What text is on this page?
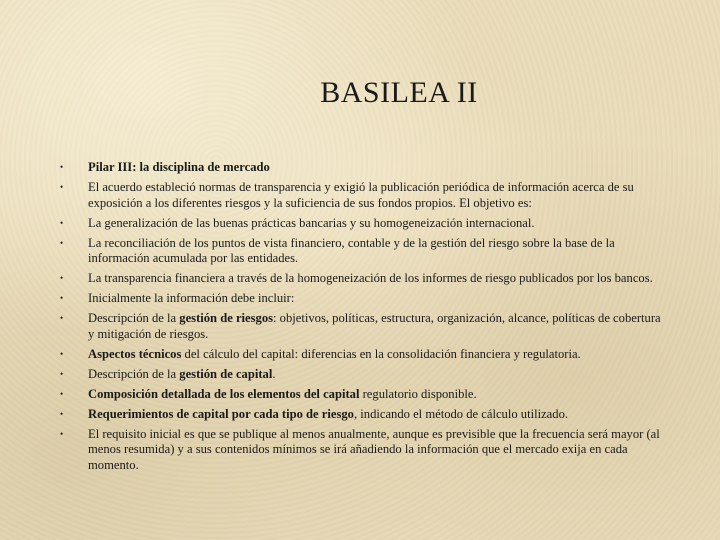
BASILEA II
• Pilar III: la disciplina de mercado
• El acuerdo estableció normas de transparencia y exigió la publicación periódica de información acerca de su exposición a los diferentes riesgos y la suficiencia de sus fondos propios. El objetivo es:
• La generalización de las buenas prácticas bancarias y su homogeneización internacional.
• La reconciliación de los puntos de vista financiero, contable y de la gestión del riesgo sobre la base de la información acumulada por las entidades.
• La transparencia financiera a través de la homogeneización de los informes de riesgo publicados por los bancos.
• Inicialmente la información debe incluir:
• Descripción de la gestión de riesgos: objetivos, políticas, estructura, organización, alcance, políticas de cobertura y mitigación de riesgos.
• Aspectos técnicos del cálculo del capital: diferencias en la consolidación financiera y regulatoria.
• Descripción de la gestión de capital.
• Composición detallada de los elementos del capital regulatorio disponible.
• Requerimientos de capital por cada tipo de riesgo, indicando el método de cálculo utilizado.
• El requisito inicial es que se publique al menos anualmente, aunque es previsible que la frecuencia será mayor (al menos resumida) y a sus contenidos mínimos se irá añadiendo la información que el mercado exija en cada momento.
